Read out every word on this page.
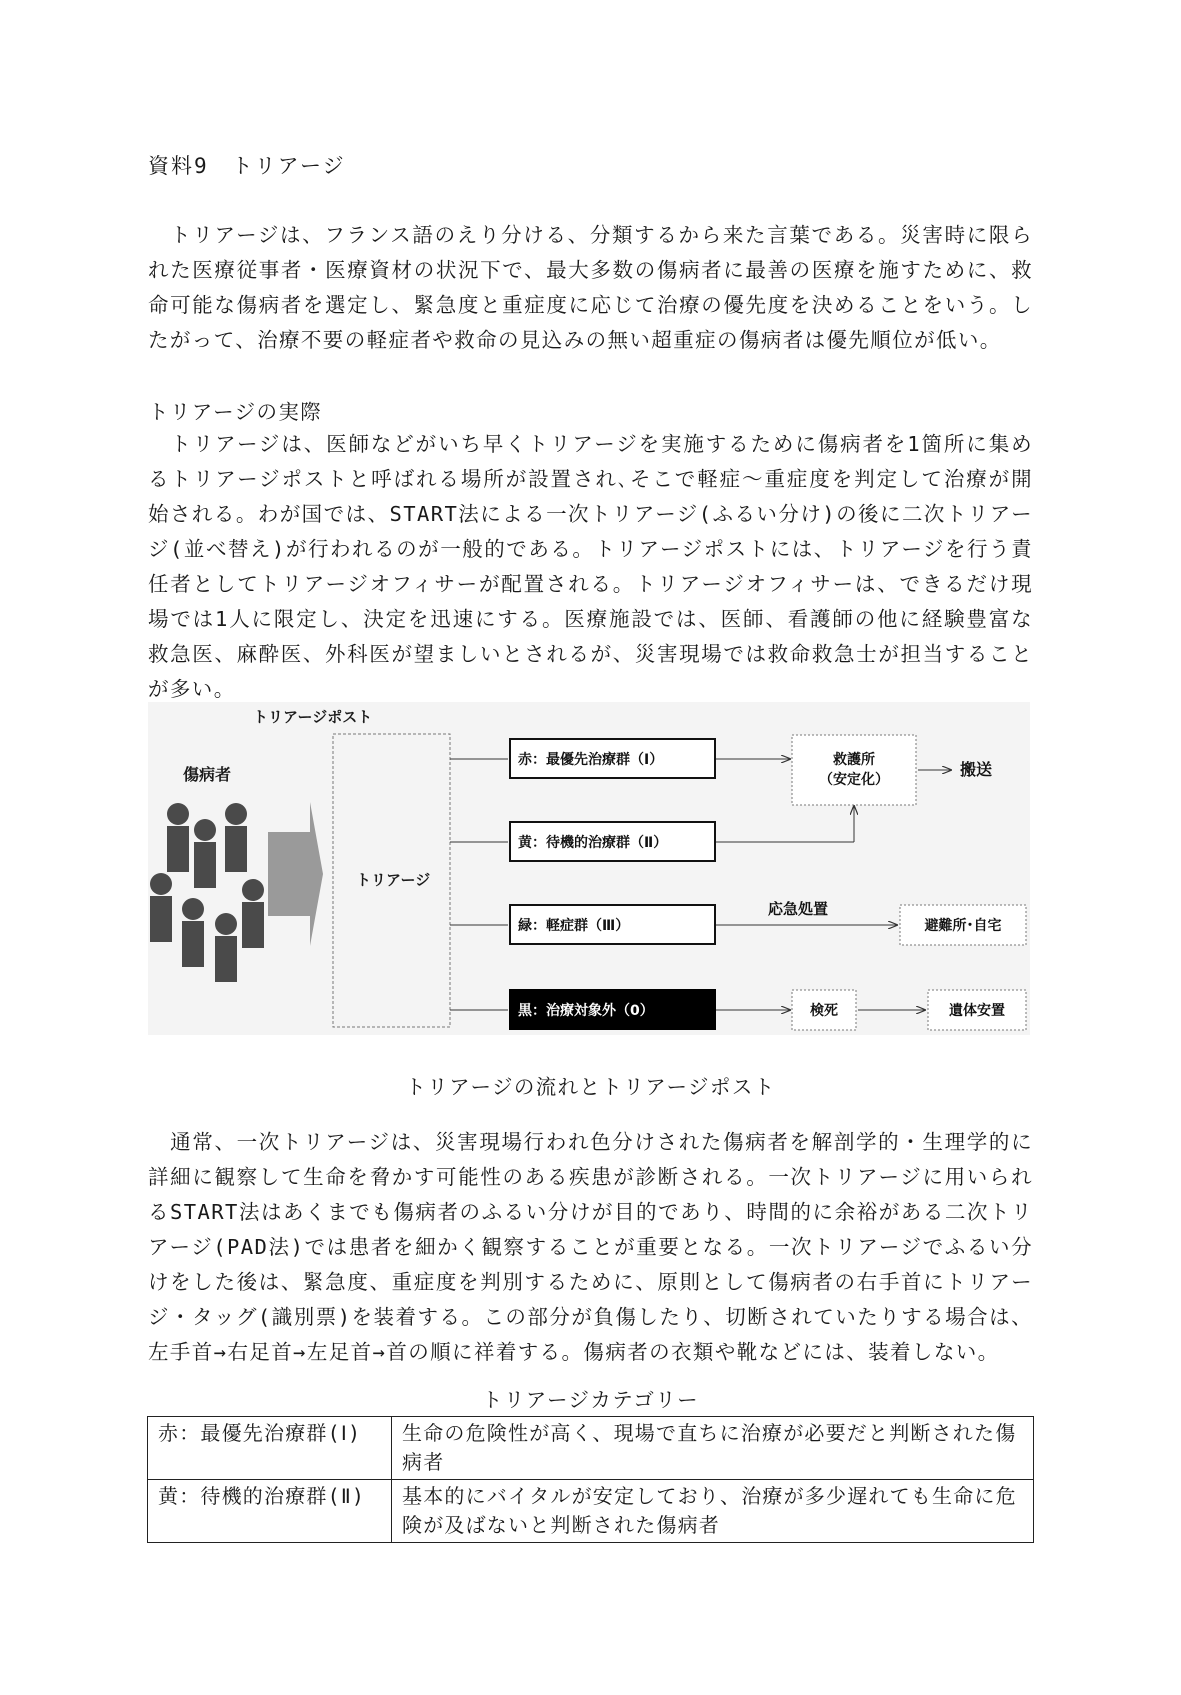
資料9　トリアージ

　トリアージは、フランス語のえり分ける、分類するから来た言葉である。災害時に限られた医療従事者・医療資材の状況下で、最大多数の傷病者に最善の医療を施すために、救命可能な傷病者を選定し、緊急度と重症度に応じて治療の優先度を決めることをいう。したがって、治療不要の軽症者や救命の見込みの無い超重症の傷病者は優先順位が低い。

トリアージの実際

　トリアージは、医師などがいち早くトリアージを実施するために傷病者を1箇所に集めるトリアージポストと呼ばれる場所が設置され､そこで軽症～重症度を判定して治療が開始される。わが国では、START法による一次トリアージ(ふるい分け)の後に二次トリアージ(並べ替え)が行われるのが一般的である。トリアージポストには、トリアージを行う責任者としてトリアージオフィサーが配置される。トリアージオフィサーは、できるだけ現場では1人に限定し、決定を迅速にする。医療施設では、医師、看護師の他に経験豊富な救急医、麻酔医、外科医が望ましいとされるが、災害現場では救命救急士が担当することが多い。

トリアージポスト
傷病者
トリアージ
赤：最優先治療群（Ⅰ）
黄：待機的治療群（Ⅱ）
緑：軽症群（Ⅲ）
黒：治療対象外（0）
救護所
（安定化）
搬送
応急処置
避難所･自宅
検死	遺体安置
トリアージの流れとトリアージポスト

　通常、一次トリアージは、災害現場行われ色分けされた傷病者を解剖学的・生理学的に詳細に観察して生命を脅かす可能性のある疾患が診断される。一次トリアージに用いられるSTART法はあくまでも傷病者のふるい分けが目的であり、時間的に余裕がある二次トリアージ(PAD法)では患者を細かく観察することが重要となる。一次トリアージでふるい分けをした後は、緊急度、重症度を判別するために、原則として傷病者の右手首にトリアージ・タッグ(識別票)を装着する。この部分が負傷したり、切断されていたりする場合は、左手首→右足首→左足首→首の順に祥着する。傷病者の衣類や靴などには、装着しない。

トリアージカテゴリー
赤：最優先治療群(Ⅰ)	生命の危険性が高く、現場で直ちに治療が必要だと判断された傷病者
黄：待機的治療群(Ⅱ)	基本的にバイタルが安定しており、治療が多少遅れても生命に危険が及ばないと判断された傷病者
